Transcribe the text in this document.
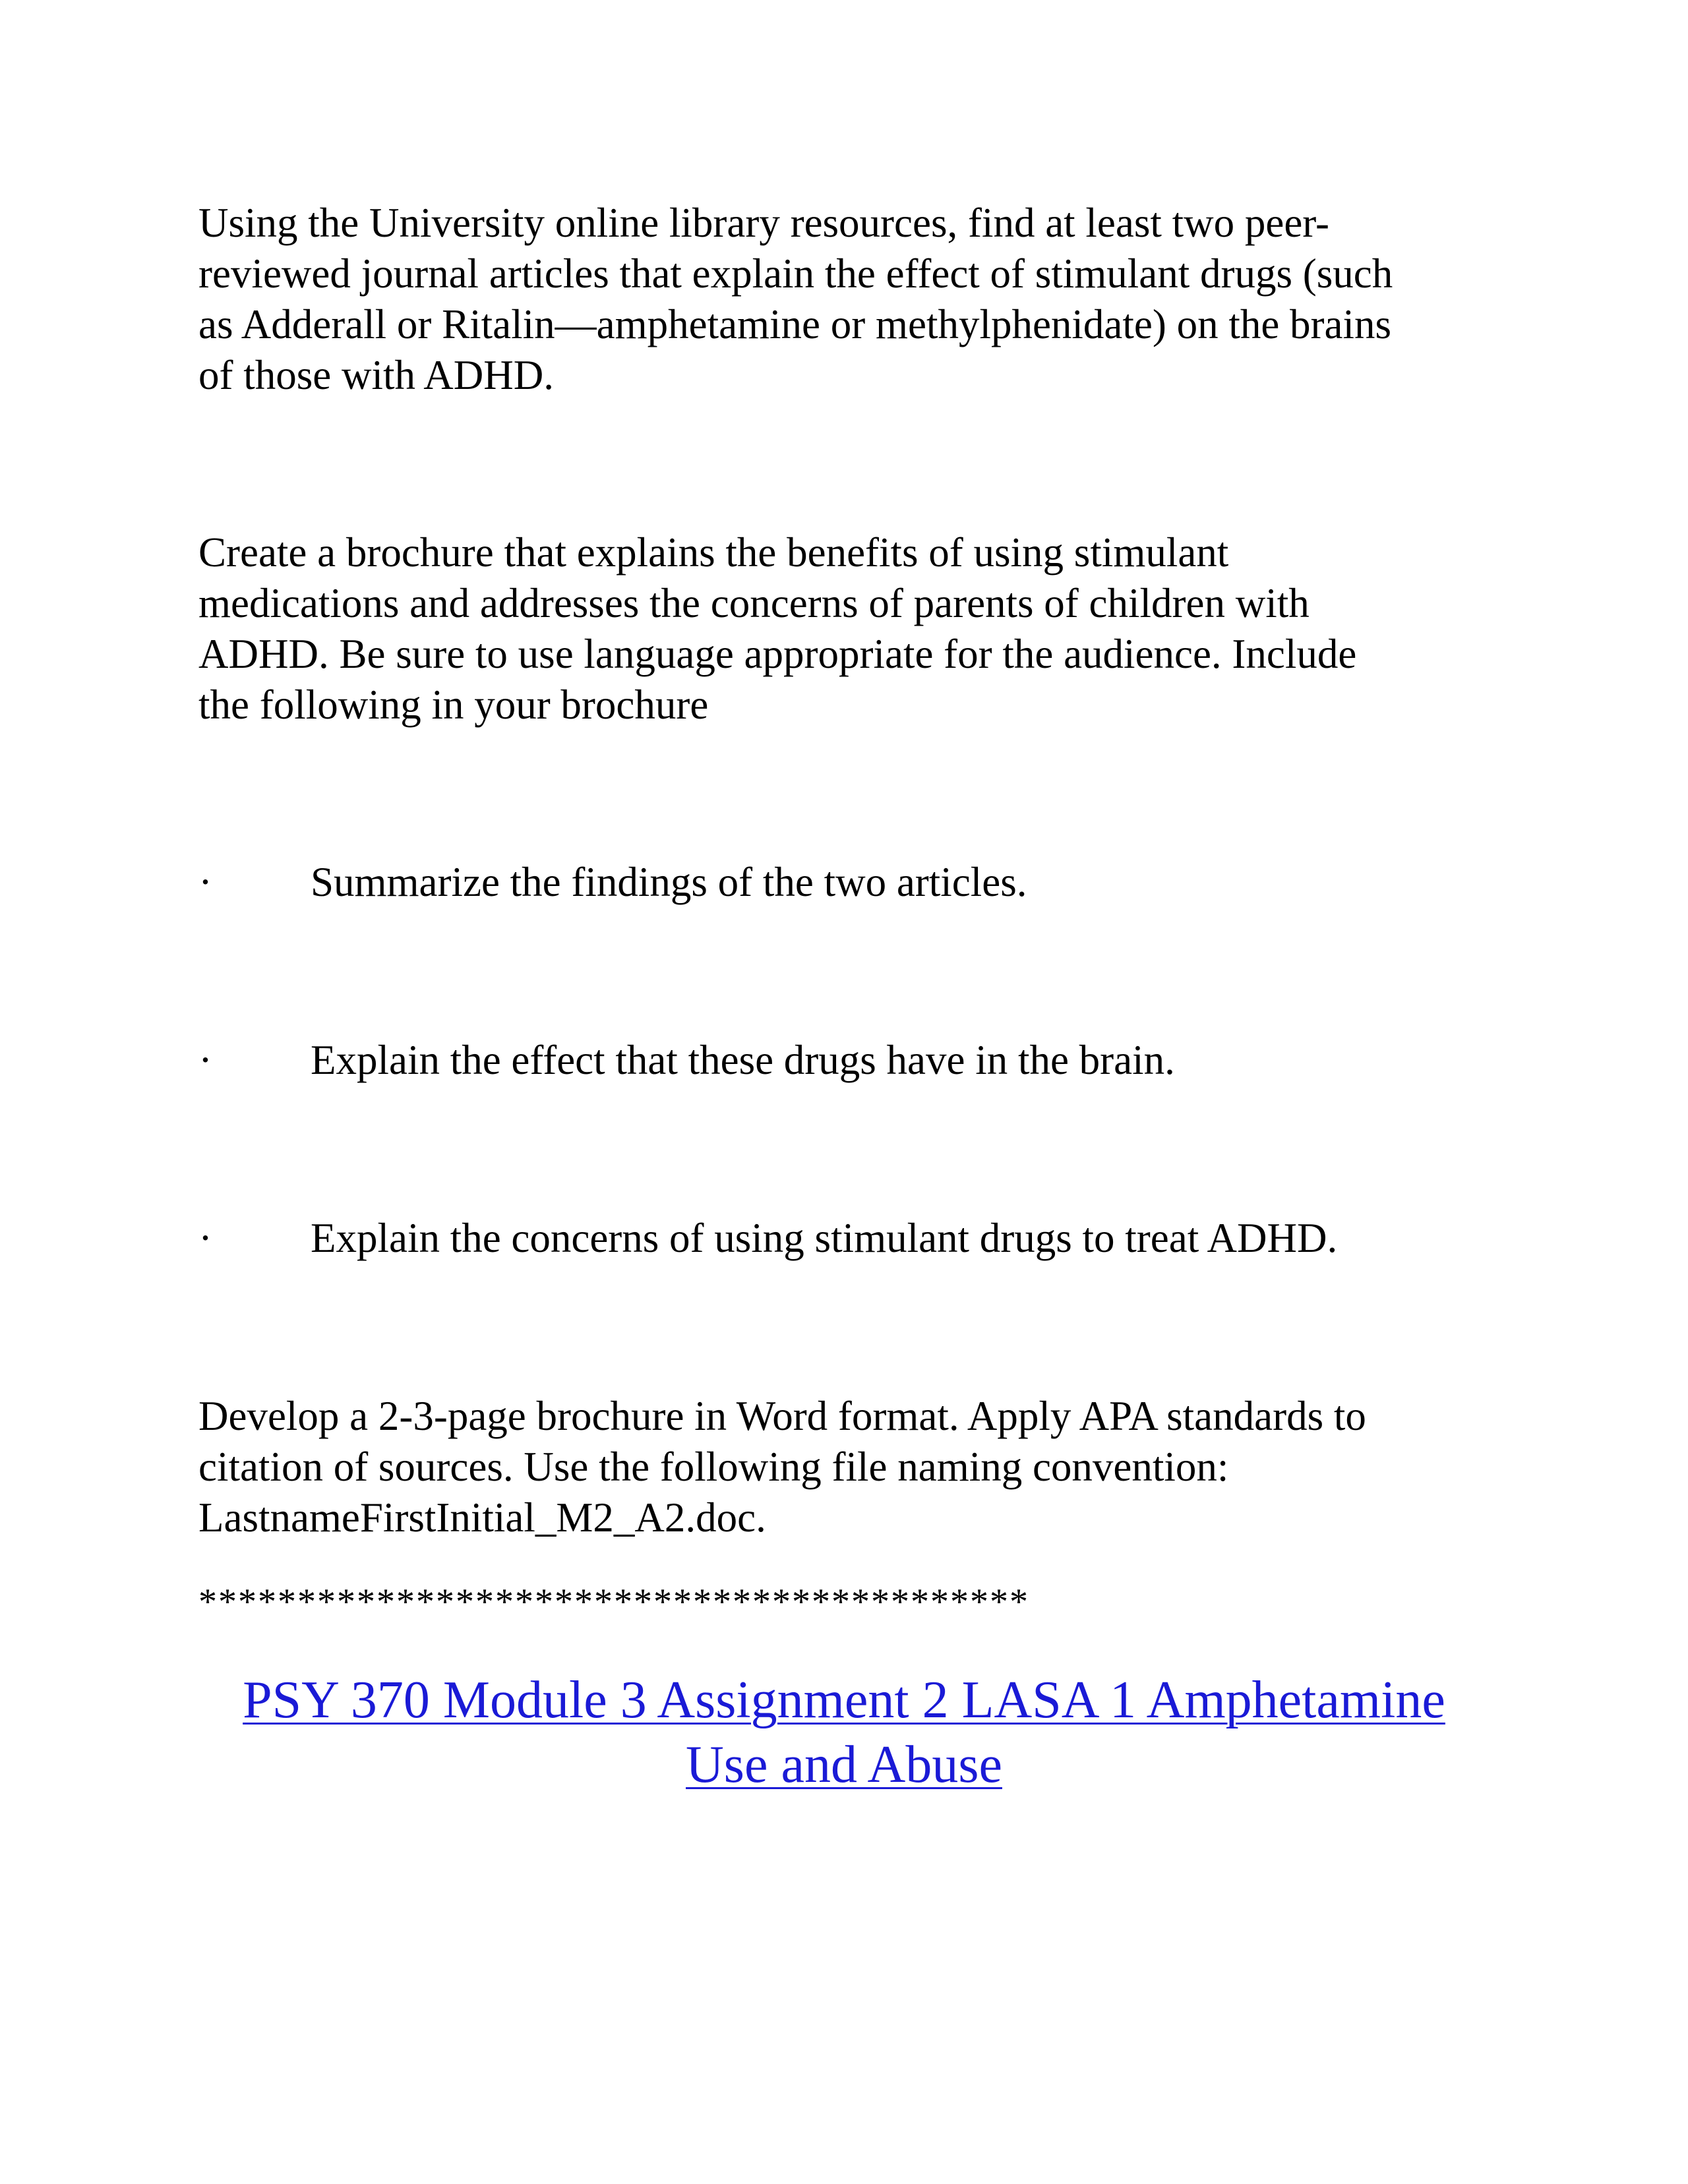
Using the University online library resources, find at least two peer-
reviewed journal articles that explain the effect of stimulant drugs (such
as Adderall or Ritalin—amphetamine or methylphenidate) on the brains
of those with ADHD.

Create a brochure that explains the benefits of using stimulant
medications and addresses the concerns of parents of children with
ADHD. Be sure to use language appropriate for the audience. Include
the following in your brochure

· Summarize the findings of the two articles.
· Explain the effect that these drugs have in the brain.
· Explain the concerns of using stimulant drugs to treat ADHD.

Develop a 2-3-page brochure in Word format. Apply APA standards to
citation of sources. Use the following file naming convention:
LastnameFirstInitial_M2_A2.doc.

******************************************
PSY 370 Module 3 Assignment 2 LASA 1 Amphetamine
Use and Abuse
